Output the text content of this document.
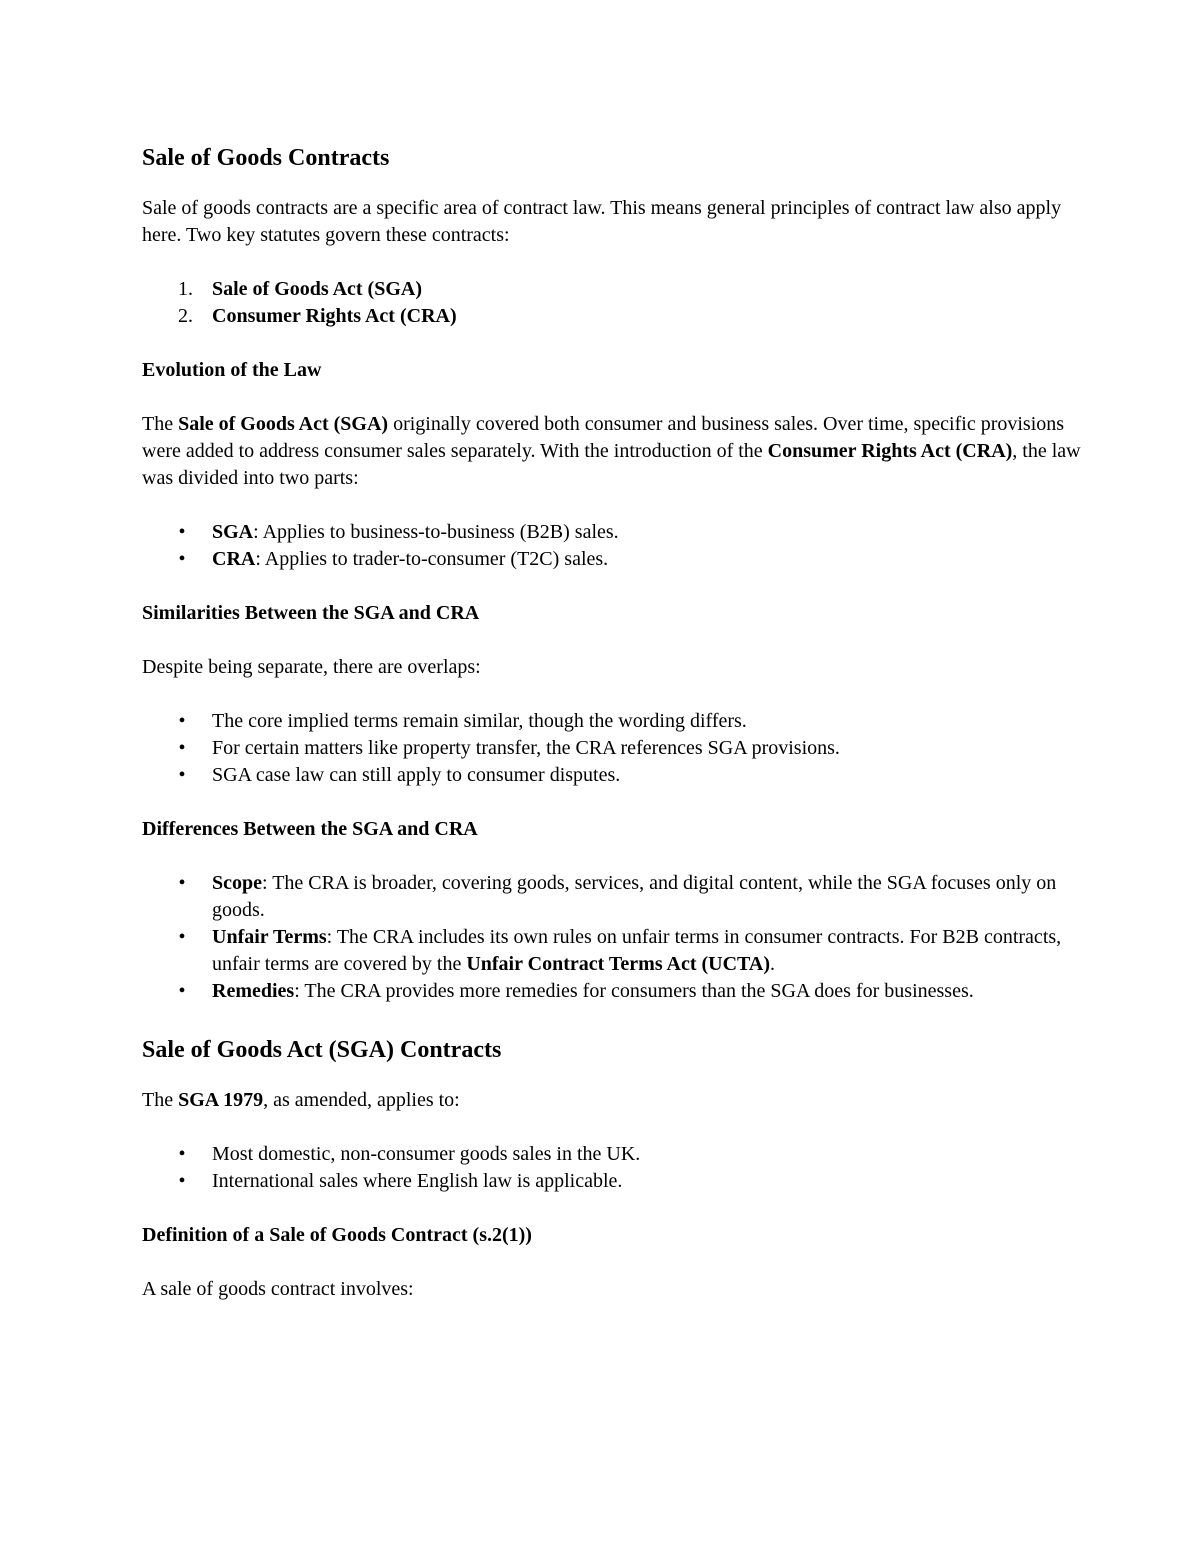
Sale of Goods Contracts

Sale of goods contracts are a specific area of contract law. This means general principles of contract law also apply here. Two key statutes govern these contracts:

1. Sale of Goods Act (SGA)
2. Consumer Rights Act (CRA)
Evolution of the Law

The Sale of Goods Act (SGA) originally covered both consumer and business sales. Over time, specific provisions were added to address consumer sales separately. With the introduction of the Consumer Rights Act (CRA), the law was divided into two parts:

• SGA: Applies to business-to-business (B2B) sales.
• CRA: Applies to trader-to-consumer (T2C) sales.
Similarities Between the SGA and CRA

Despite being separate, there are overlaps:

• The core implied terms remain similar, though the wording differs.
• For certain matters like property transfer, the CRA references SGA provisions.
• SGA case law can still apply to consumer disputes.
Differences Between the SGA and CRA
• Scope: The CRA is broader, covering goods, services, and digital content, while the SGA focuses only on goods.
• Unfair Terms: The CRA includes its own rules on unfair terms in consumer contracts. For B2B contracts, unfair terms are covered by the Unfair Contract Terms Act (UCTA).
• Remedies: The CRA provides more remedies for consumers than the SGA does for businesses.
Sale of Goods Act (SGA) Contracts

The SGA 1979, as amended, applies to:

• Most domestic, non-consumer goods sales in the UK.
• International sales where English law is applicable.
Definition of a Sale of Goods Contract (s.2(1))

A sale of goods contract involves:
